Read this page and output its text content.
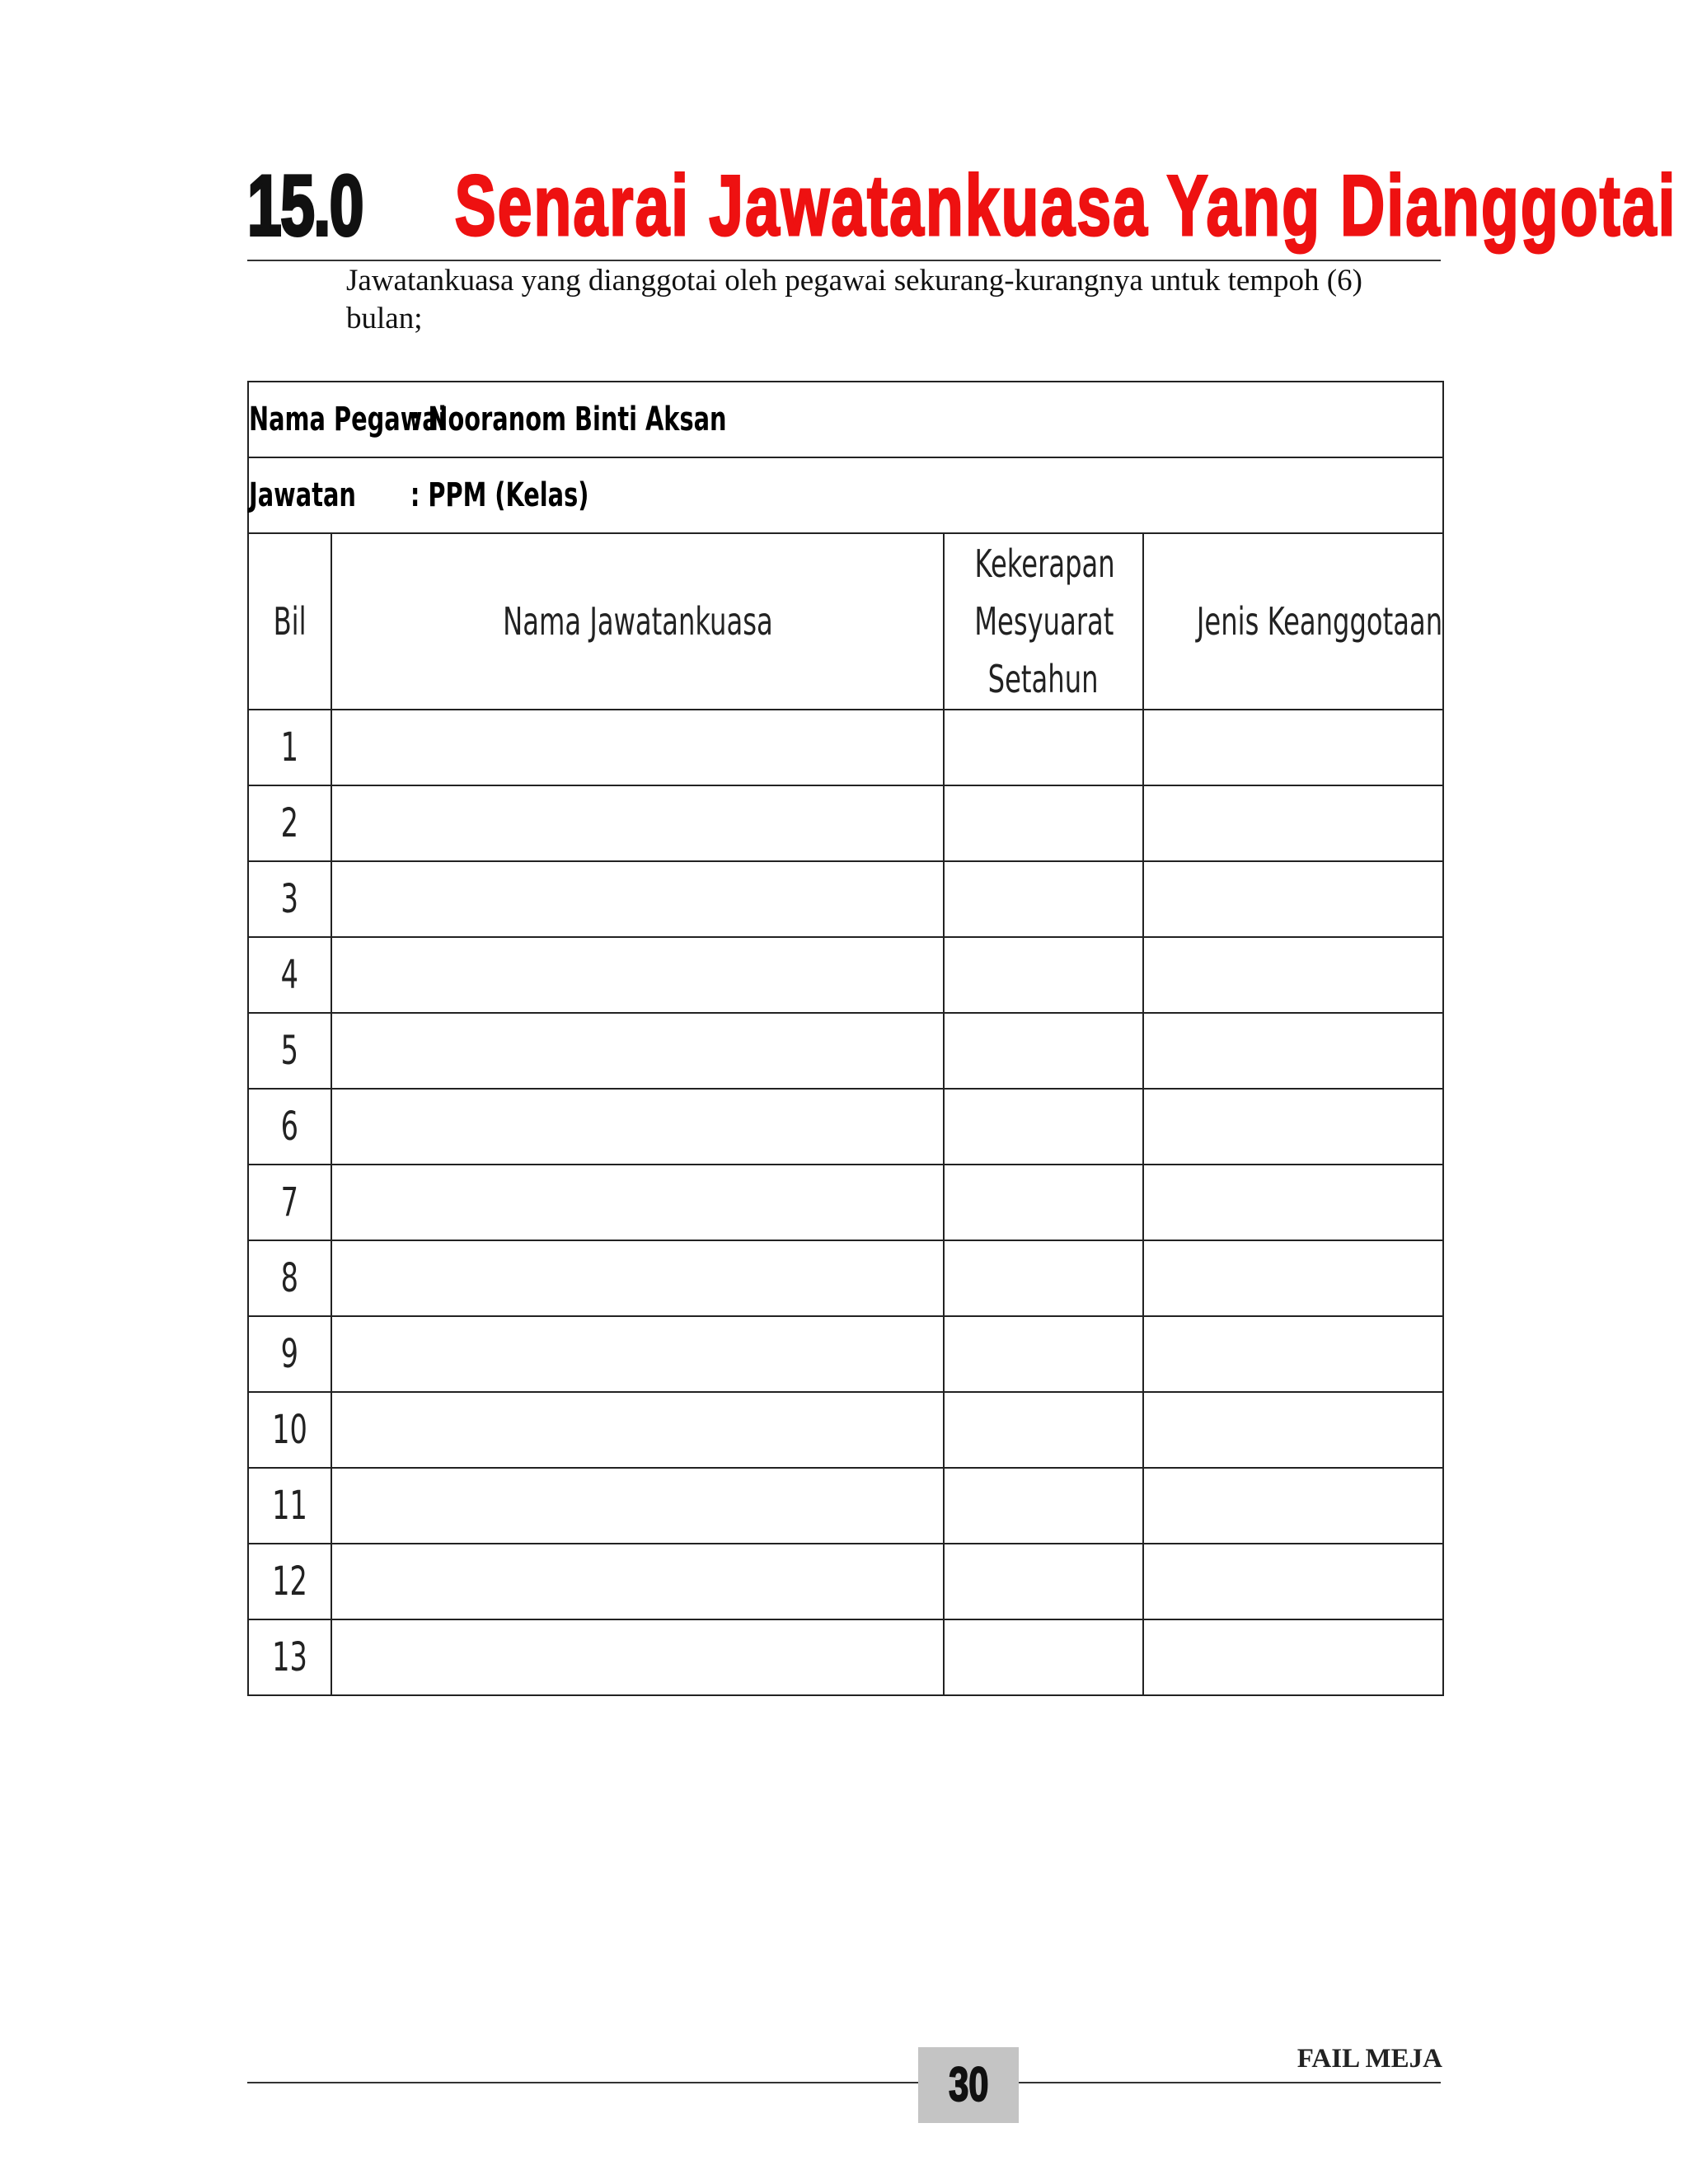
15.0 Senarai Jawatankuasa Yang Dianggotai
Jawatankuasa yang dianggotai oleh pegawai sekurang-kurangnya untuk tempoh (6) bulan;
Nama Pegawai: Nooranom Binti Aksan			
Jawatan : PPM (Kelas)			
Bil	Nama Jawatankuasa	Kekerapan
Mesyuarat
Setahun	Jenis Keanggotaan
1			
2			
3			
4			
5			
6			
7			
8			
9			
10			
11			
12			
13			
30	FAIL MEJA
